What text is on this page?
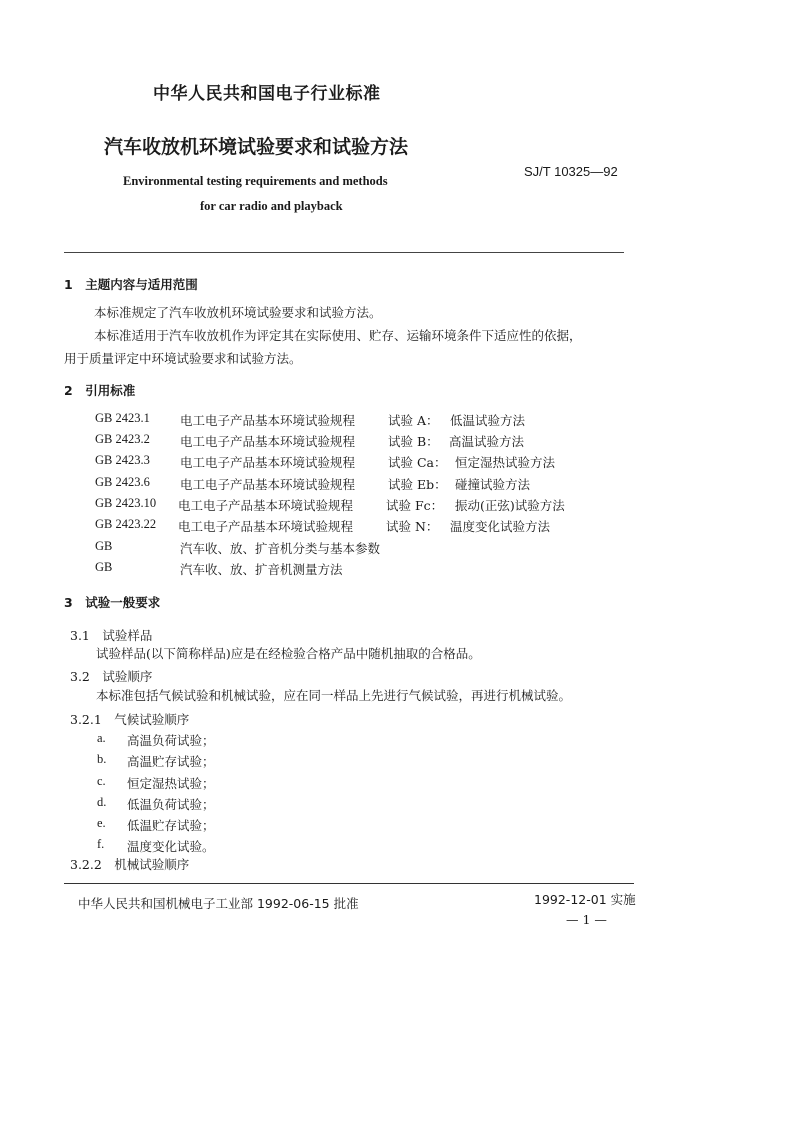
中华人民共和国电子行业标准
汽车收放机环境试验要求和试验方法
SJ/T 10325—92
Environmental testing requirements and methods
for car radio and playback
1　主题内容与适用范围
本标准规定了汽车收放机环境试验要求和试验方法。
本标准适用于汽车收放机作为评定其在实际使用、贮存、运输环境条件下适应性的依据，
用于质量评定中环境试验要求和试验方法。
2　引用标准
GB 2423.1 电工电子产品基本环境试验规程	试验 A： 低温试验方法
GB 2423.2 电工电子产品基本环境试验规程	试验 B： 高温试验方法
GB 2423.3 电工电子产品基本环境试验规程	试验 Ca： 恒定湿热试验方法
GB 2423.6 电工电子产品基本环境试验规程	试验 Eb： 碰撞试验方法
GB 2423.10 电工电子产品基本环境试验规程	试验 Fc： 振动(正弦)试验方法
GB 2423.22 电工电子产品基本环境试验规程	试验 N： 温度变化试验方法
GB	汽车收、放、扩音机分类与基本参数
GB	汽车收、放、扩音机测量方法
3　试验一般要求
3.1　试验样品
试验样品(以下简称样品)应是在经检验合格产品中随机抽取的合格品。
3.2　试验顺序
本标准包括气候试验和机械试验，应在同一样品上先进行气候试验，再进行机械试验。
3.2.1　气候试验顺序
a. 高温负荷试验；
b. 高温贮存试验；
c. 恒定湿热试验；
d. 低温负荷试验；
e. 低温贮存试验；
f. 温度变化试验。
3.2.2　机械试验顺序
中华人民共和国机械电子工业部 1992-06-15 批准	1992-12-01 实施
— 1 —
